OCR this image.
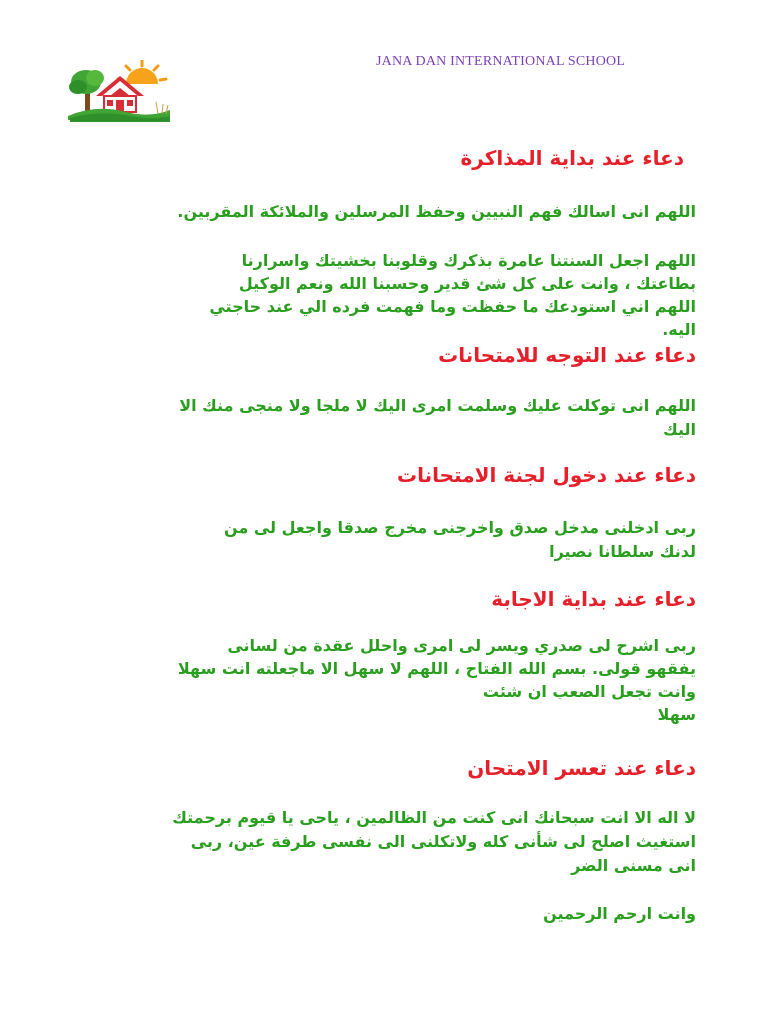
JANA DAN INTERNATIONAL SCHOOL
دعاء عند بداية المذاكرة
اللهم انى اسالك فهم النبيين وحفظ المرسلين والملائكة المقربين.
اللهم اجعل السنتنا عامرة بذكرك وقلوبنا بخشيتك واسرارنا
بطاعتك ، وانت على كل شئ قدير وحسبنا الله ونعم الوكيل
اللهم اني استودعك ما حفظت وما فهمت فرده الي عند حاجتي
اليه.
دعاء عند التوجه للامتحانات
اللهم انى توكلت عليك وسلمت امرى اليك لا ملجا ولا منجى منك الا
اليك
دعاء عند دخول لجنة الامتحانات
ربى ادخلنى مدخل صدق واخرجنى مخرج صدقا واجعل لى من
لدنك سلطانا نصيرا
دعاء عند بداية الاجابة
ربى اشرح لى صدري ويسر لى امرى واحلل عقدة من لسانى
يفقهو قولى. بسم الله الفتاح ، اللهم لا سهل الا ماجعلته انت سهلا
وانت تجعل الصعب ان شئت
سهلا
دعاء عند تعسر الامتحان
لا اله الا انت سبحانك انى كنت من الظالمين ، ياحى يا قيوم برحمتك
استغيث اصلح لى شأنى كله ولاتكلنى الى نفسى طرفة عين، ربى
انى مسنى الضر
وانت ارحم الرحمين
